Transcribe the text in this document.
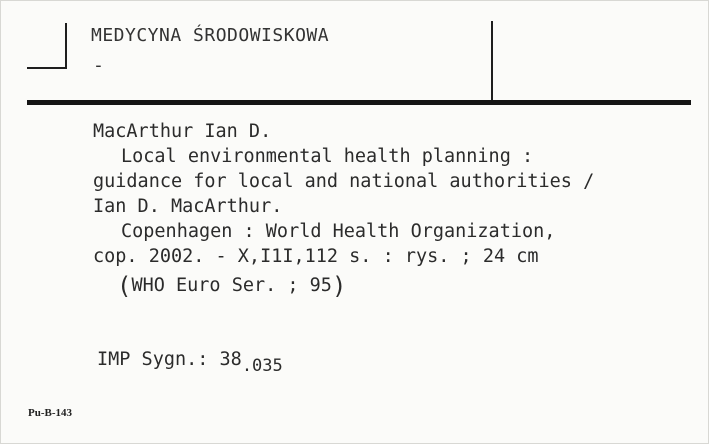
MEDYCYNA ŚRODOWISKOWA
-
MacArthur Ian D.
Local environmental health planning :
guidance for local and national authorities /
Ian D. MacArthur.
Copenhagen : World Health Organization,
cop. 2002. - X,I1I,112 s. : rys. ; 24 cm
(WHO Euro Ser. ; 95)
IMP Sygn.: 38.035
Pu-B-143
